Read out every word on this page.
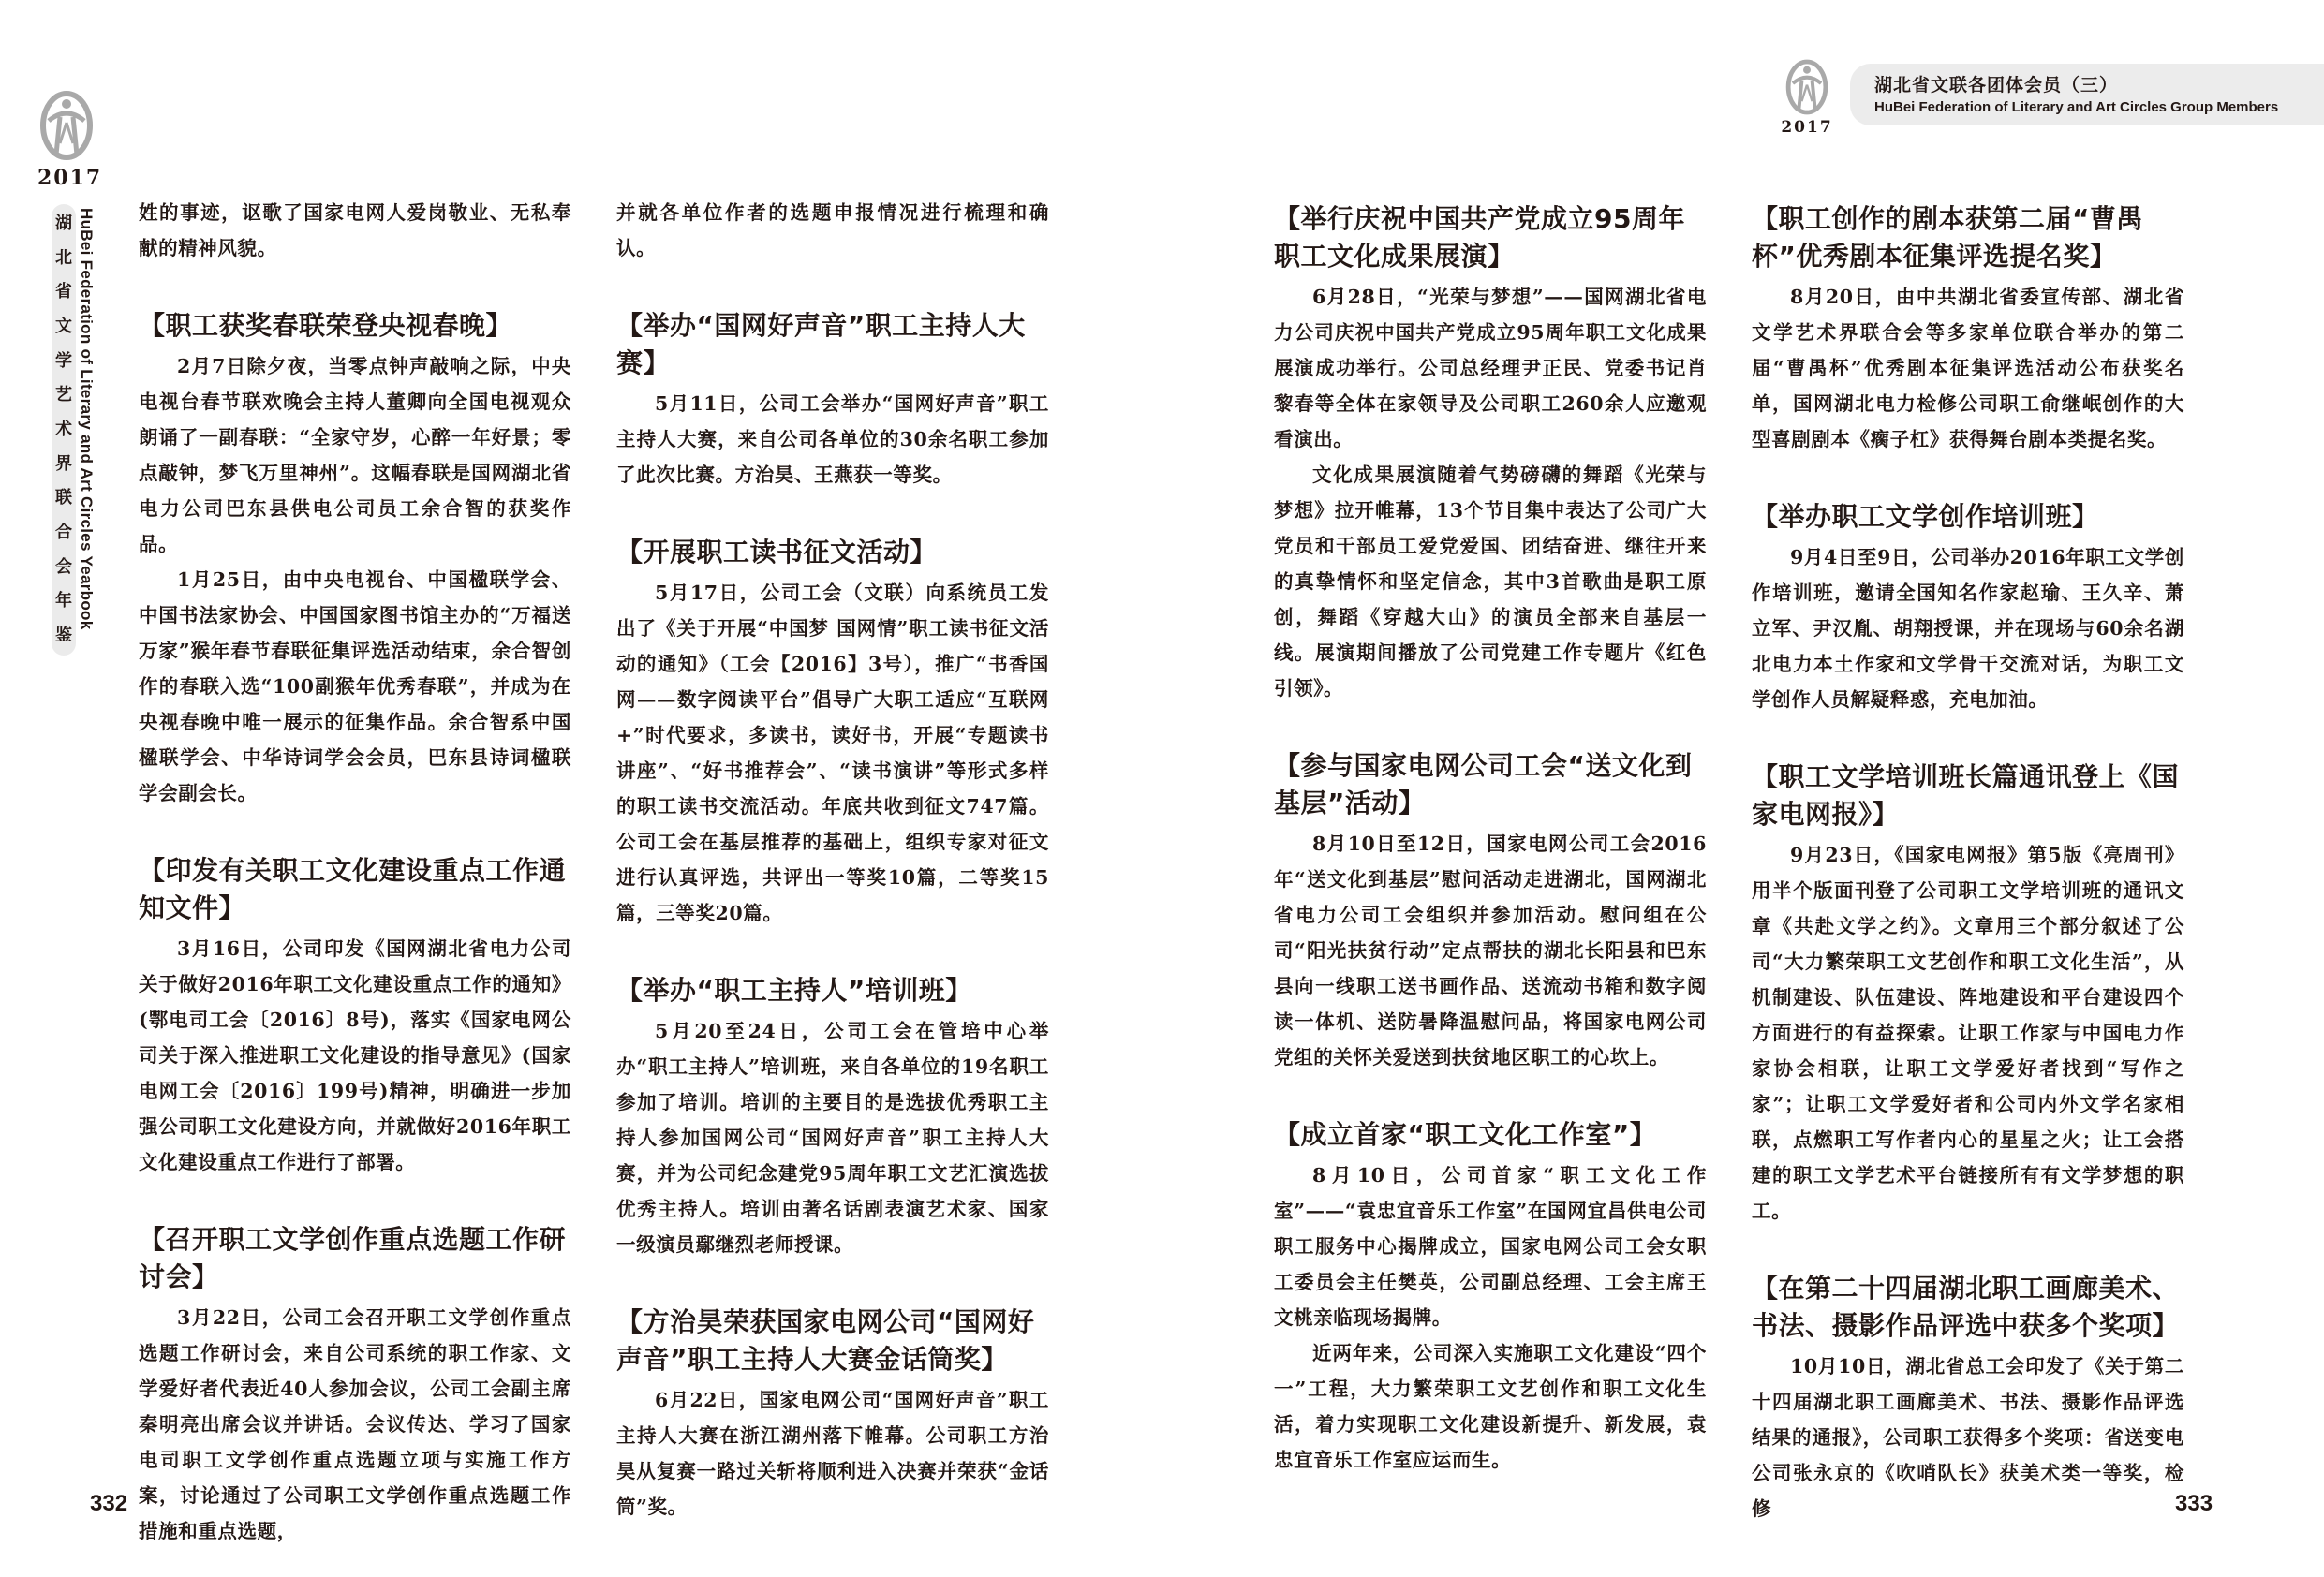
2017
湖
北
省
文
学
艺
术
界
联
合
会
年
鉴
HuBei Federation of Literary and Art Circles Yearbook 姓的事迹，讴歌了国家电网人爱岗敬业、无私奉献的精神风貌。

【职工获奖春联荣登央视春晚】

2月7日除夕夜，当零点钟声敲响之际，中央电视台春节联欢晚会主持人董卿向全国电视观众朗诵了一副春联：“全家守岁，心醉一年好景；零点敲钟，梦飞万里神州”。这幅春联是国网湖北省电力公司巴东县供电公司员工余合智的获奖作品。

1月25日，由中央电视台、中国楹联学会、中国书法家协会、中国国家图书馆主办的“万福送万家”猴年春节春联征集评选活动结束，余合智创作的春联入选“100副猴年优秀春联”，并成为在央视春晚中唯一展示的征集作品。余合智系中国楹联学会、中华诗词学会会员，巴东县诗词楹联学会副会长。

【印发有关职工文化建设重点工作通知文件】

3月16日，公司印发《国网湖北省电力公司关于做好2016年职工文化建设重点工作的通知》(鄂电司工会〔2016〕8号)，落实《国家电网公司关于深入推进职工文化建设的指导意见》(国家电网工会〔2016〕199号)精神，明确进一步加强公司职工文化建设方向，并就做好2016年职工文化建设重点工作进行了部署。

【召开职工文学创作重点选题工作研讨会】

3月22日，公司工会召开职工文学创作重点选题工作研讨会，来自公司系统的职工作家、文学爱好者代表近40人参加会议，公司工会副主席秦明亮出席会议并讲话。会议传达、学习了国家电司职工文学创作重点选题立项与实施工作方案，讨论通过了公司职工文学创作重点选题工作措施和重点选题，

并就各单位作者的选题申报情况进行梳理和确认。

【举办“国网好声音”职工主持人大赛】

5月11日，公司工会举办“国网好声音”职工主持人大赛，来自公司各单位的30余名职工参加了此次比赛。方治昊、王燕获一等奖。

【开展职工读书征文活动】

5月17日，公司工会（文联）向系统员工发出了《关于开展“中国梦 国网情”职工读书征文活动的通知》（工会【2016】3号），推广“书香国网——数字阅读平台”倡导广大职工适应“互联网+”时代要求，多读书，读好书，开展“专题读书讲座”、“好书推荐会”、“读书演讲”等形式多样的职工读书交流活动。年底共收到征文747篇。公司工会在基层推荐的基础上，组织专家对征文进行认真评选，共评出一等奖10篇，二等奖15篇，三等奖20篇。

【举办“职工主持人”培训班】

5月20至24日，公司工会在管培中心举办“职工主持人”培训班，来自各单位的19名职工参加了培训。培训的主要目的是选拔优秀职工主持人参加国网公司“国网好声音”职工主持人大赛，并为公司纪念建党95周年职工文艺汇演选拔优秀主持人。培训由著名话剧表演艺术家、国家一级演员鄢继烈老师授课。

【方治昊荣获国家电网公司“国网好声音”职工主持人大赛金话筒奖】

6月22日，国家电网公司“国网好声音”职工主持人大赛在浙江湖州落下帷幕。公司职工方治昊从复赛一路过关斩将顺利进入决赛并荣获“金话筒”奖。

332
2017
湖北省文联各团体会员（三）
HuBei Federation of Literary and Art Circles Group Members
【举行庆祝中国共产党成立95周年职工文化成果展演】

6月28日，“光荣与梦想”——国网湖北省电力公司庆祝中国共产党成立95周年职工文化成果展演成功举行。公司总经理尹正民、党委书记肖黎春等全体在家领导及公司职工260余人应邀观看演出。

文化成果展演随着气势磅礴的舞蹈《光荣与梦想》拉开帷幕，13个节目集中表达了公司广大党员和干部员工爱党爱国、团结奋进、继往开来的真挚情怀和坚定信念，其中3首歌曲是职工原创，舞蹈《穿越大山》的演员全部来自基层一线。展演期间播放了公司党建工作专题片《红色引领》。

【参与国家电网公司工会“送文化到基层”活动】

8月10日至12日，国家电网公司工会2016年“送文化到基层”慰问活动走进湖北，国网湖北省电力公司工会组织并参加活动。慰问组在公司“阳光扶贫行动”定点帮扶的湖北长阳县和巴东县向一线职工送书画作品、送流动书箱和数字阅读一体机、送防暑降温慰问品，将国家电网公司党组的关怀关爱送到扶贫地区职工的心坎上。

【成立首家“职工文化工作室”】

8月10日，公司首家“职工文化工作室”——“袁忠宜音乐工作室”在国网宜昌供电公司职工服务中心揭牌成立，国家电网公司工会女职工委员会主任樊英，公司副总经理、工会主席王文桃亲临现场揭牌。

近两年来，公司深入实施职工文化建设“四个一”工程，大力繁荣职工文艺创作和职工文化生活，着力实现职工文化建设新提升、新发展，袁忠宜音乐工作室应运而生。

【职工创作的剧本获第二届“曹禺杯”优秀剧本征集评选提名奖】

8月20日，由中共湖北省委宣传部、湖北省文学艺术界联合会等多家单位联合举办的第二届“曹禺杯”优秀剧本征集评选活动公布获奖名单，国网湖北电力检修公司职工俞继岷创作的大型喜剧剧本《瘸子杠》获得舞台剧本类提名奖。

【举办职工文学创作培训班】

9月4日至9日，公司举办2016年职工文学创作培训班，邀请全国知名作家赵瑜、王久辛、萧立军、尹汉胤、胡翔授课，并在现场与60余名湖北电力本土作家和文学骨干交流对话，为职工文学创作人员解疑释惑，充电加油。

【职工文学培训班长篇通讯登上《国家电网报》】

9月23日，《国家电网报》第5版《亮周刊》用半个版面刊登了公司职工文学培训班的通讯文章《共赴文学之约》。文章用三个部分叙述了公司“大力繁荣职工文艺创作和职工文化生活”，从机制建设、队伍建设、阵地建设和平台建设四个方面进行的有益探索。让职工作家与中国电力作家协会相联，让职工文学爱好者找到“写作之家”；让职工文学爱好者和公司内外文学名家相联，点燃职工写作者内心的星星之火；让工会搭建的职工文学艺术平台链接所有有文学梦想的职工。

【在第二十四届湖北职工画廊美术、书法、摄影作品评选中获多个奖项】

10月10日，湖北省总工会印发了《关于第二十四届湖北职工画廊美术、书法、摄影作品评选结果的通报》，公司职工获得多个奖项：省送变电公司张永京的《吹哨队长》获美术类一等奖，检修	333
